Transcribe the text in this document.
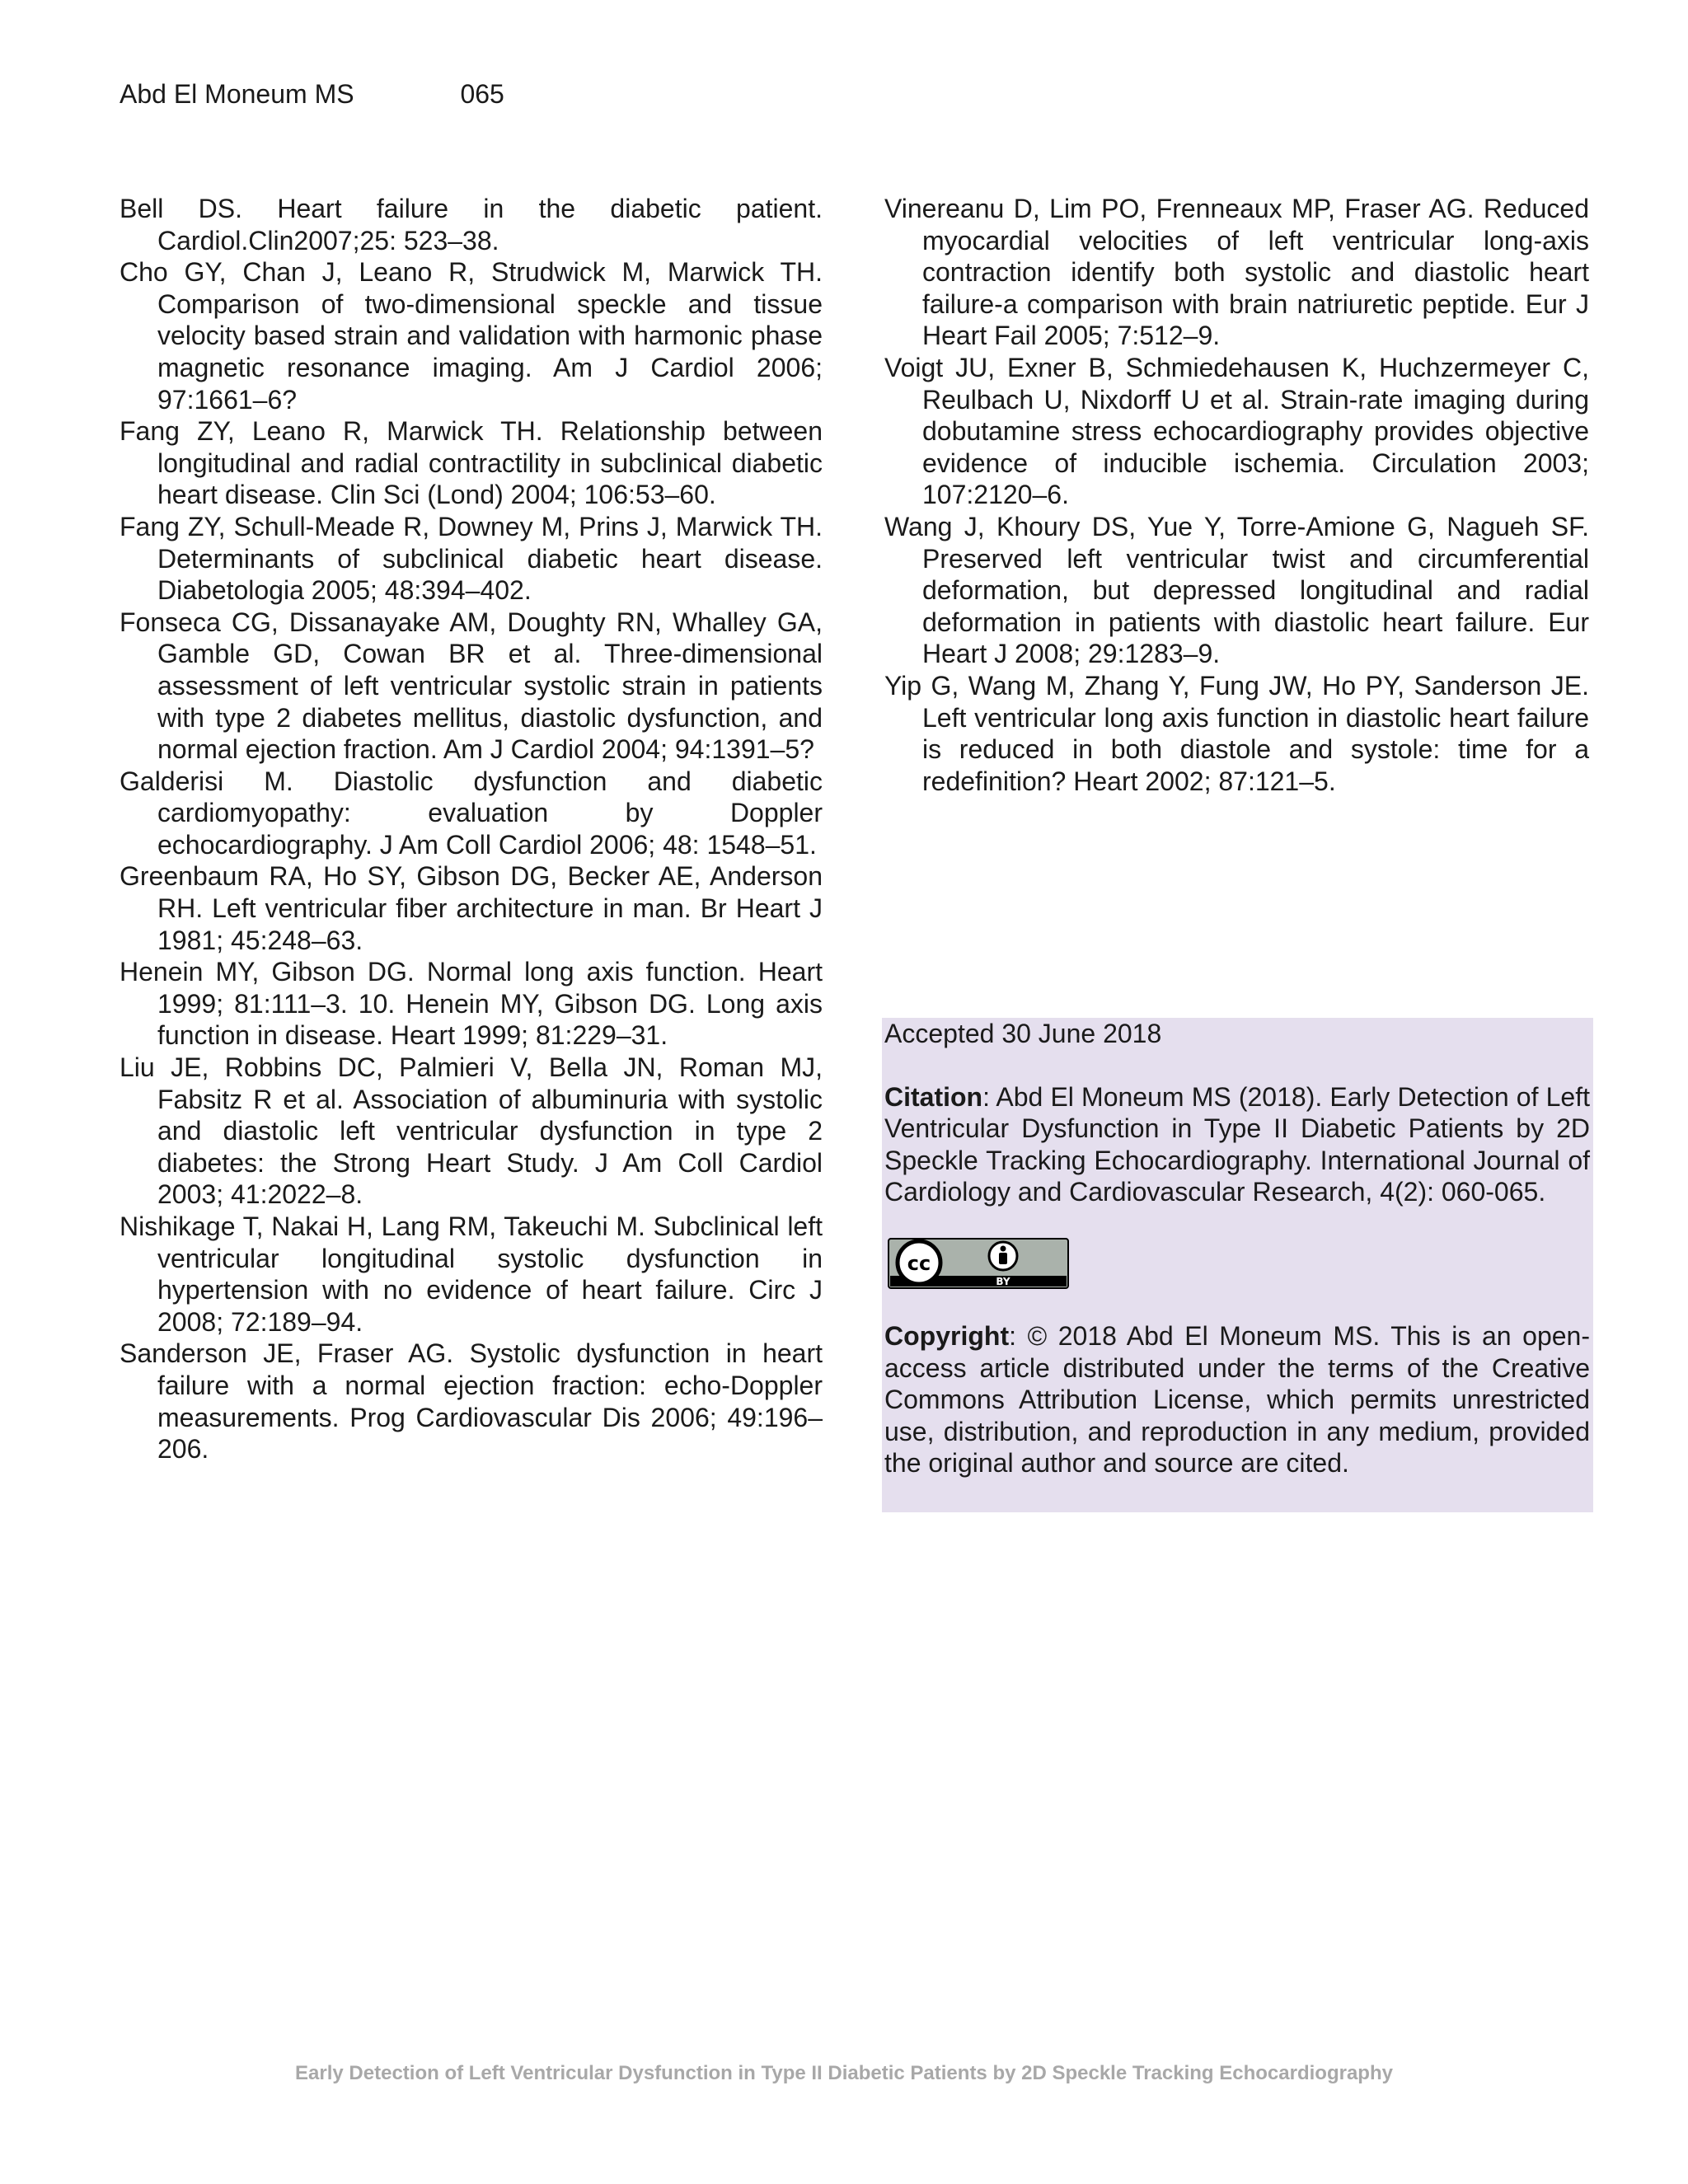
Abd El Moneum MS	065

Bell DS. Heart failure in the diabetic patient. Cardiol.Clin2007;25: 523–38.

Cho GY, Chan J, Leano R, Strudwick M, Marwick TH. Comparison of two-dimensional speckle and tissue velocity based strain and validation with harmonic phase magnetic resonance imaging. Am J Cardiol 2006; 97:1661–6?

Fang ZY, Leano R, Marwick TH. Relationship between longitudinal and radial contractility in subclinical diabetic heart disease. Clin Sci (Lond) 2004; 106:53–60.

Fang ZY, Schull-Meade R, Downey M, Prins J, Marwick TH. Determinants of subclinical diabetic heart disease. Diabetologia 2005; 48:394–402.

Fonseca CG, Dissanayake AM, Doughty RN, Whalley GA, Gamble GD, Cowan BR et al. Three-dimensional assessment of left ventricular systolic strain in patients with type 2 diabetes mellitus, diastolic dysfunction, and normal ejection fraction. Am J Cardiol 2004; 94:1391–5?

Galderisi M. Diastolic dysfunction and diabetic cardiomyopathy: evaluation by Doppler echocardiography. J Am Coll Cardiol 2006; 48: 1548–51.

Greenbaum RA, Ho SY, Gibson DG, Becker AE, Anderson RH. Left ventricular fiber architecture in man. Br Heart J 1981; 45:248–63.

Henein MY, Gibson DG. Normal long axis function. Heart 1999; 81:111–3. 10. Henein MY, Gibson DG. Long axis function in disease. Heart 1999; 81:229–31.

Liu JE, Robbins DC, Palmieri V, Bella JN, Roman MJ, Fabsitz R et al. Association of albuminuria with systolic and diastolic left ventricular dysfunction in type 2 diabetes: the Strong Heart Study. J Am Coll Cardiol 2003; 41:2022–8.

Nishikage T, Nakai H, Lang RM, Takeuchi M. Subclinical left ventricular longitudinal systolic dysfunction in hypertension with no evidence of heart failure. Circ J 2008; 72:189–94.

Sanderson JE, Fraser AG. Systolic dysfunction in heart failure with a normal ejection fraction: echo-Doppler measurements. Prog Cardiovascular Dis 2006; 49:196–206.

Vinereanu D, Lim PO, Frenneaux MP, Fraser AG. Reduced myocardial velocities of left ventricular long-axis contraction identify both systolic and diastolic heart failure-a comparison with brain natriuretic peptide. Eur J Heart Fail 2005; 7:512–9.

Voigt JU, Exner B, Schmiedehausen K, Huchzermeyer C, Reulbach U, Nixdorff U et al. Strain-rate imaging during dobutamine stress echocardiography provides objective evidence of inducible ischemia. Circulation 2003; 107:2120–6.

Wang J, Khoury DS, Yue Y, Torre-Amione G, Nagueh SF. Preserved left ventricular twist and circumferential deformation, but depressed longitudinal and radial deformation in patients with diastolic heart failure. Eur Heart J 2008; 29:1283–9.

Yip G, Wang M, Zhang Y, Fung JW, Ho PY, Sanderson JE. Left ventricular long axis function in diastolic heart failure is reduced in both diastole and systole: time for a redefinition? Heart 2002; 87:121–5.

Accepted 30 June 2018

Citation: Abd El Moneum MS (2018). Early Detection of Left Ventricular Dysfunction in Type II Diabetic Patients by 2D Speckle Tracking Echocardiography. International Journal of Cardiology and Cardiovascular Research, 4(2): 060-065.

cc
BY

Copyright: © 2018 Abd El Moneum MS. This is an open-access article distributed under the terms of the Creative Commons Attribution License, which permits unrestricted use, distribution, and reproduction in any medium, provided the original author and source are cited.

Early Detection of Left Ventricular Dysfunction in Type II Diabetic Patients by 2D Speckle Tracking Echocardiography
